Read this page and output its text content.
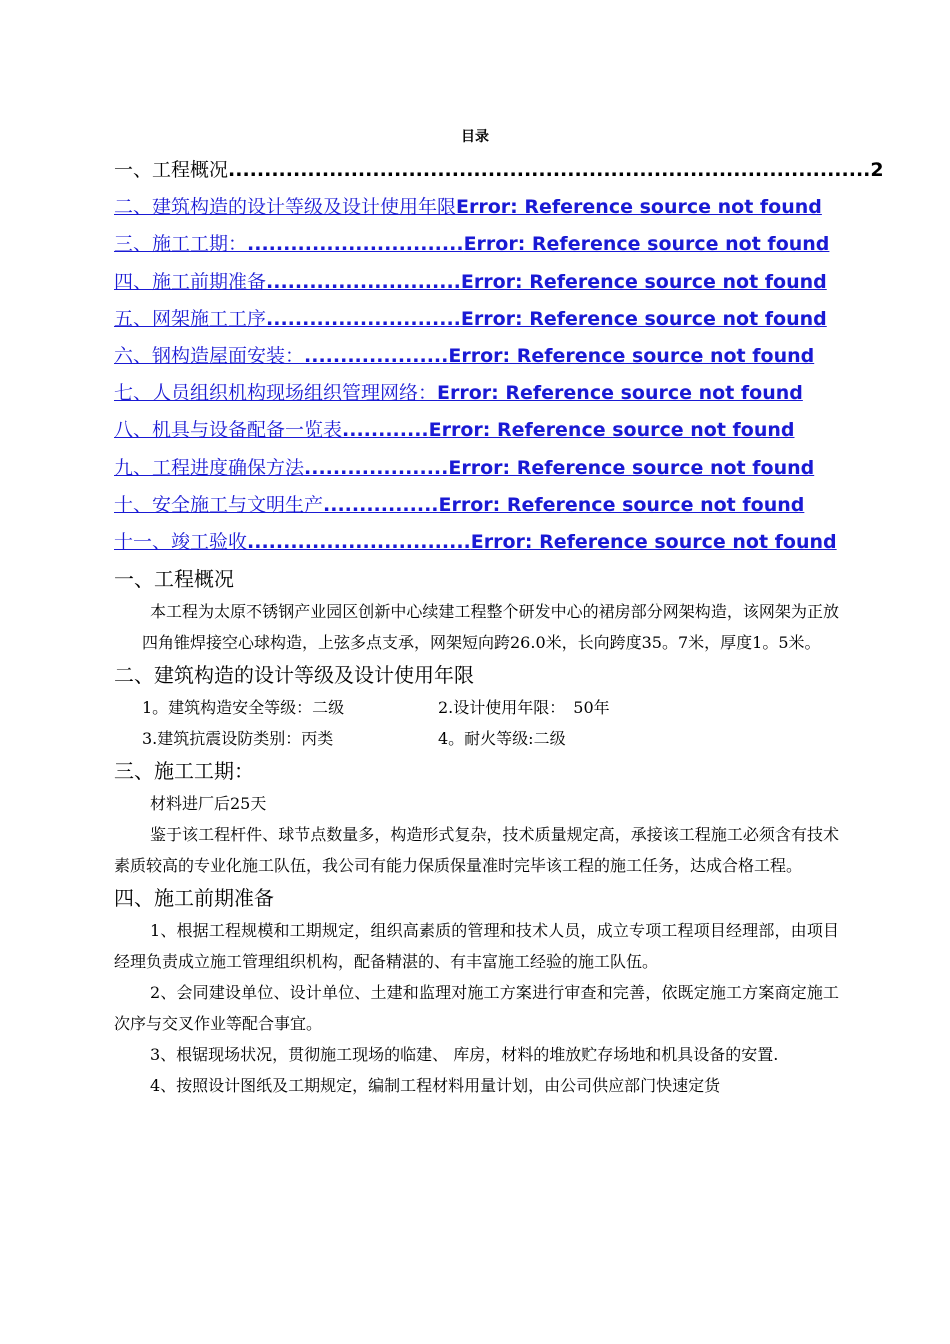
目录
一、工程概况.........................................................................................2
二、建筑构造的设计等级及设计使用年限Error: Reference source not found
三、施工工期：..............................Error: Reference source not found
四、施工前期准备...........................Error: Reference source not found
五、网架施工工序...........................Error: Reference source not found
六、钢构造屋面安装：....................Error: Reference source not found
七、人员组织机构现场组织管理网络：Error: Reference source not found
八、机具与设备配备一览表............Error: Reference source not found
九、工程进度确保方法....................Error: Reference source not found
十、安全施工与文明生产................Error: Reference source not found
十一、竣工验收...............................Error: Reference source not found
一、工程概况

本工程为太原不锈钢产业园区创新中心续建工程整个研发中心的裙房部分网架构造，该网架为正放四角锥焊接空心球构造，上弦多点支承，网架短向跨26.0米，长向跨度35。7米，厚度1。5米。

二、建筑构造的设计等级及设计使用年限
1。建筑构造安全等级：二级	2.设计使用年限：　50年
3.建筑抗震设防类别：丙类	4。耐火等级:二级
三、施工工期：

材料进厂后25天

鉴于该工程杆件、球节点数量多，构造形式复杂，技术质量规定高，承接该工程施工必须含有技术素质较高的专业化施工队伍，我公司有能力保质保量准时完毕该工程的施工任务，达成合格工程。

四、施工前期准备

1、根据工程规模和工期规定，组织高素质的管理和技术人员，成立专项工程项目经理部，由项目经理负责成立施工管理组织机构，配备精湛的、有丰富施工经验的施工队伍。

2、会同建设单位、设计单位、土建和监理对施工方案进行审查和完善，依既定施工方案商定施工次序与交叉作业等配合事宜。

3、根锯现场状况，贯彻施工现场的临建、 库房，材料的堆放贮存场地和机具设备的安置.

4、按照设计图纸及工期规定，编制工程材料用量计划，由公司供应部门快速定货
